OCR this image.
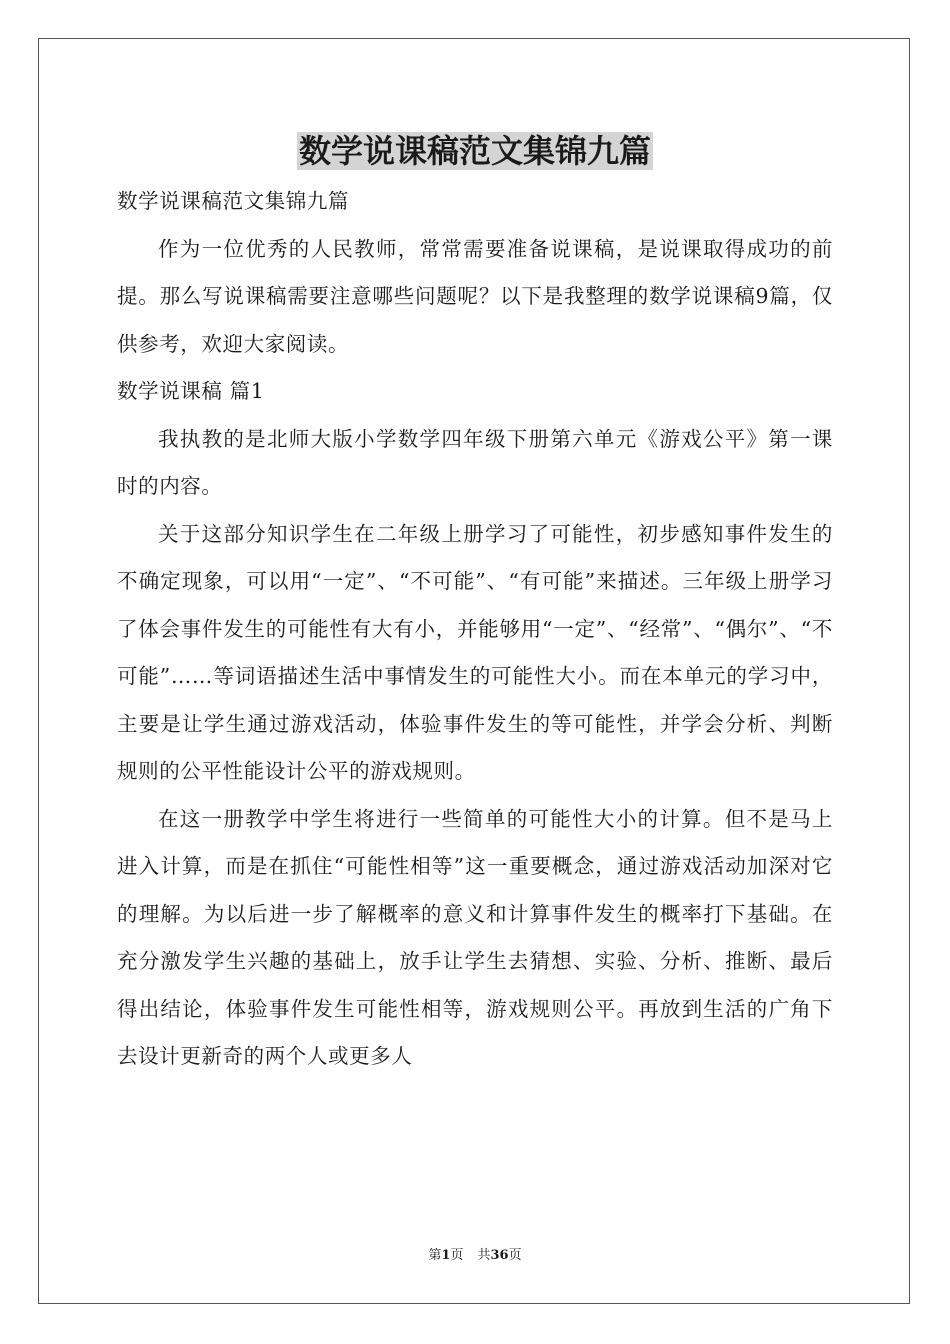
数学说课稿范文集锦九篇

数学说课稿范文集锦九篇

作为一位优秀的人民教师，常常需要准备说课稿，是说课取得成功的前提。那么写说课稿需要注意哪些问题呢？以下是我整理的数学说课稿9篇，仅供参考，欢迎大家阅读。

数学说课稿 篇1

我执教的是北师大版小学数学四年级下册第六单元《游戏公平》第一课时的内容。

关于这部分知识学生在二年级上册学习了可能性，初步感知事件发生的不确定现象，可以用“一定”、“不可能”、“有可能”来描述。三年级上册学习了体会事件发生的可能性有大有小，并能够用“一定”、“经常”、“偶尔”、“不可能”……等词语描述生活中事情发生的可能性大小。而在本单元的学习中，主要是让学生通过游戏活动，体验事件发生的等可能性，并学会分析、判断规则的公平性能设计公平的游戏规则。

在这一册教学中学生将进行一些简单的可能性大小的计算。但不是马上进入计算，而是在抓住“可能性相等”这一重要概念，通过游戏活动加深对它的理解。为以后进一步了解概率的意义和计算事件发生的概率打下基础。在充分激发学生兴趣的基础上，放手让学生去猜想、实验、分析、推断、最后得出结论，体验事件发生可能性相等，游戏规则公平。再放到生活的广角下去设计更新奇的两个人或更多人

第1页 共36页
